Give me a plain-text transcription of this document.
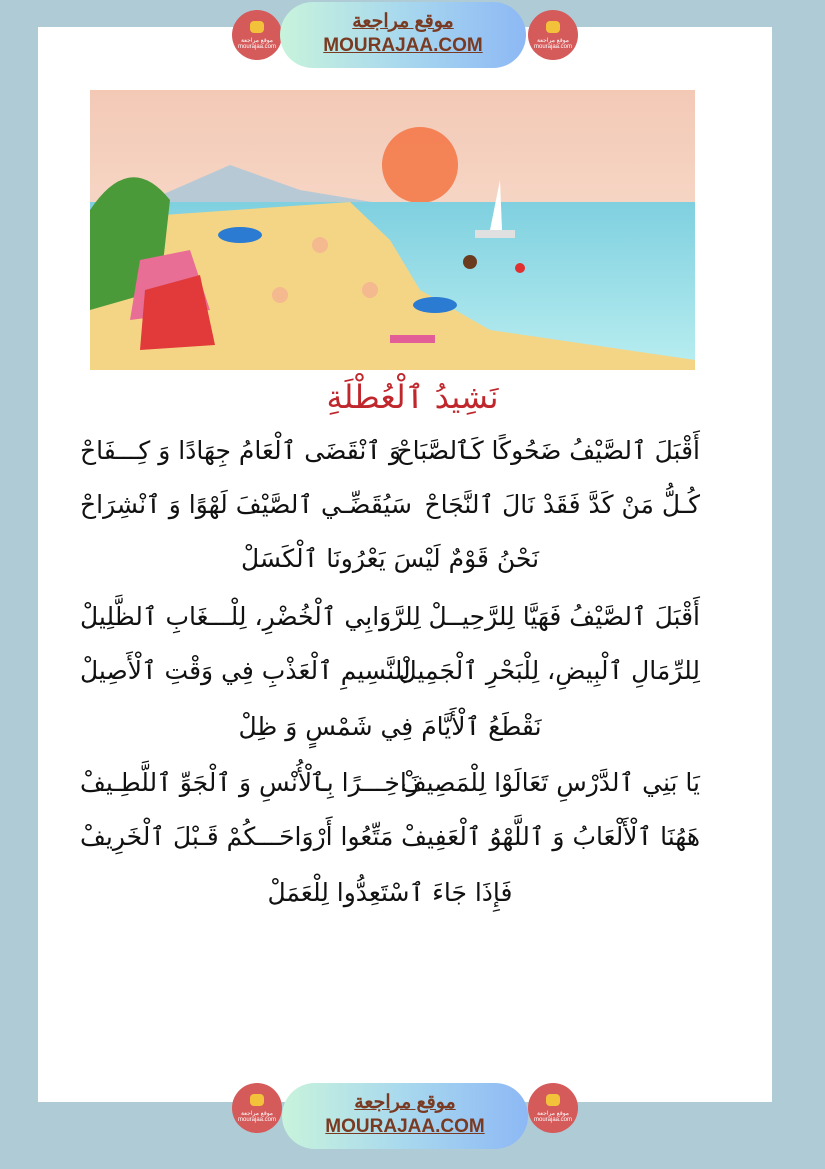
موقع مراجعة mourajaa.com
موقع مراجعة
MOURAJAA.COM	موقع مراجعة mourajaa.com
نَشِيدُ ٱلْعُطْلَةِ
أَقْبَلَ ٱلصَّيْفُ ضَحُوكًا كَٱلصَّبَاحْ
وَ ٱنْقَضَى ٱلْعَامُ جِهَادًا وَ كِـــفَاحْ
كُـلُّ مَنْ كَدَّ فَقَدْ نَالَ ٱلنَّجَاحْ
سَيُقَضِّـي ٱلصَّيْفَ لَهْوًا وَ ٱنْشِرَاحْ
نَحْنُ قَوْمٌ لَيْسَ يَعْرُونَا ٱلْكَسَلْ
أَقْبَلَ ٱلصَّيْفُ فَهَيَّا لِلرَّحِيــلْ
لِلرَّوَابِي ٱلْخُضْرِ، لِلْـــغَابِ ٱلظَّلِيلْ
لِلرِّمَالِ ٱلْبِيضِ، لِلْبَحْرِ ٱلْجَمِيلْ
لِلنَّسِيمِ ٱلْعَذْبِ فِي وَقْتِ ٱلْأَصِيلْ
نَقْطَعُ ٱلْأَيَّامَ فِي شَمْسٍ وَ ظِلْ
يَا بَنِي ٱلدَّرْسِ تَعَالَوْا لِلْمَصِيفْ
زَاخِـــرًا بِٱلْأُنْسِ وَ ٱلْجَوِّ ٱللَّطِـيفْ
هَهُنَا ٱلْأَلْعَابُ وَ ٱللَّهْوُ ٱلْعَفِيفْ
مَتِّعُوا أَرْوَاحَـــكُمْ قَـبْلَ ٱلْخَرِيفْ
فَإِذَا جَاءَ ٱسْتَعِدُّوا لِلْعَمَلْ
موقع مراجعة mourajaa.com
موقع مراجعة
MOURAJAA.COM
موقع مراجعة mourajaa.com
